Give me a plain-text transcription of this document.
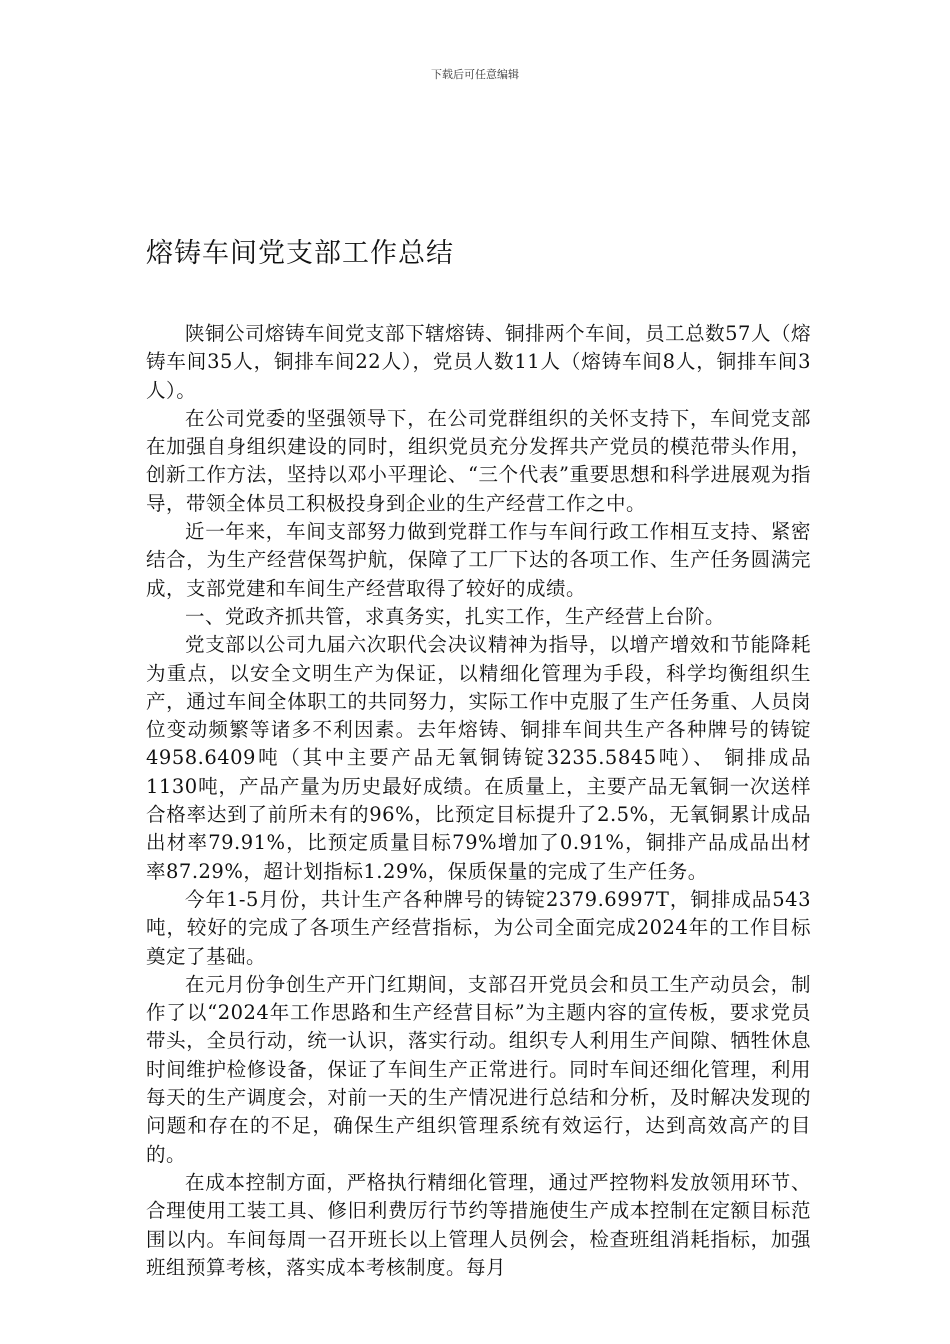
下载后可任意编辑
熔铸车间党支部工作总结

陕铜公司熔铸车间党支部下辖熔铸、铜排两个车间，员工总数57人（熔铸车间35人，铜排车间22人），党员人数11人（熔铸车间8人，铜排车间3人）。

在公司党委的坚强领导下，在公司党群组织的关怀支持下，车间党支部在加强自身组织建设的同时，组织党员充分发挥共产党员的模范带头作用，创新工作方法，坚持以邓小平理论、“三个代表”重要思想和科学进展观为指导，带领全体员工积极投身到企业的生产经营工作之中。

近一年来，车间支部努力做到党群工作与车间行政工作相互支持、紧密结合，为生产经营保驾护航，保障了工厂下达的各项工作、生产任务圆满完成，支部党建和车间生产经营取得了较好的成绩。

一、党政齐抓共管，求真务实，扎实工作，生产经营上台阶。

党支部以公司九届六次职代会决议精神为指导，以增产增效和节能降耗为重点，以安全文明生产为保证，以精细化管理为手段，科学均衡组织生产，通过车间全体职工的共同努力，实际工作中克服了生产任务重、人员岗位变动频繁等诸多不利因素。去年熔铸、铜排车间共生产各种牌号的铸锭4958.6409吨（其中主要产品无氧铜铸锭3235.5845吨）、 铜排成品1130吨，产品产量为历史最好成绩。在质量上，主要产品无氧铜一次送样合格率达到了前所未有的96%，比预定目标提升了2.5%，无氧铜累计成品出材率79.91%，比预定质量目标79%增加了0.91%，铜排产品成品出材率87.29%，超计划指标1.29%，保质保量的完成了生产任务。

今年1-5月份，共计生产各种牌号的铸锭2379.6997T，铜排成品543吨，较好的完成了各项生产经营指标，为公司全面完成2024年的工作目标奠定了基础。

在元月份争创生产开门红期间，支部召开党员会和员工生产动员会，制作了以“2024年工作思路和生产经营目标”为主题内容的宣传板，要求党员带头，全员行动，统一认识，落实行动。组织专人利用生产间隙、牺牲休息时间维护检修设备，保证了车间生产正常进行。同时车间还细化管理，利用每天的生产调度会，对前一天的生产情况进行总结和分析，及时解决发现的问题和存在的不足，确保生产组织管理系统有效运行，达到高效高产的目的。

在成本控制方面，严格执行精细化管理，通过严控物料发放领用环节、合理使用工装工具、修旧利费厉行节约等措施使生产成本控制在定额目标范围以内。车间每周一召开班长以上管理人员例会，检查班组消耗指标，加强班组预算考核，落实成本考核制度。每月
